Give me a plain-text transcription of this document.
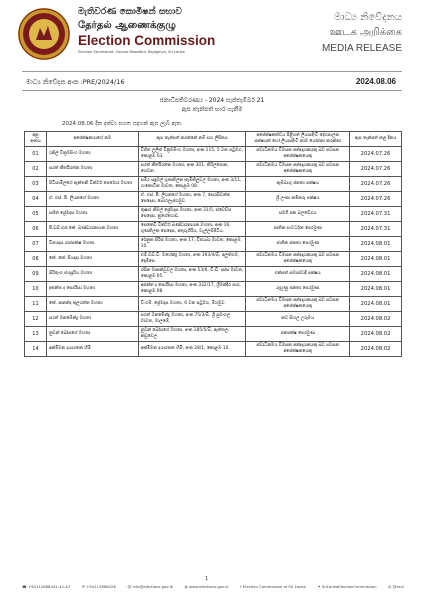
මැතිවරණ කොමිෂන් සභාව
தேர்தல் ஆணைக்குழு
Election Commission
Election Secretariat, Sarana Mawatha, Rajagiriya, Sri Lanka
මාධ්‍ය නිවේදනය
ஊடக அறிக்கை
MEDIA RELEASE
මාධ්‍ය නිවේදන අංක :PRE/2024/16	2024.08.06
ජනාධිපතිවරණය - 2024 සැප්තැම්බර් 21
ඇප තැන්පත් භාර ගැනීම
2024.08.06 දින දක්වා පහත සඳහන් ඇප ලැබී ඇත.
අනු අංකය	අපේක්ෂකයාගේ නම	ඇප තැන්පත් කරන්නේ නම් සහ ලිපිනය	අපේක්ෂකත්වය පිළිගත් ලියාපදිංචි දේශපාලන පක්ෂයක් හෝ ලියාපදිංචි නාම යෝජනා කරන්නා	ඇප තැන්පත් කළ දිනය
01	රනිල් වික්‍රමසිංහ මහතා	විජිත ලලිත් වික්‍රමසිංහ මහතා, අංක 115, 5 වන පටුමග, කොළඹ 03.	ස්වාධීනමය විමසන ඡන්දදායකයකු බව පවසන අපේක්ෂකයෙකු	2024.07.26
02	සරත් කීර්තිරත්න මහතා	සරත් කීර්තිරත්න මහතා, අංක 301, කිරිලපොන, ගෙවන.	ස්වාධීනමය විමසන ඡන්දදායකයකු බව පවසන අපේක්ෂකයෙකු	2024.07.26
03	පිටිසාමිලගේ ඇන්තනි වික්ටර් පෙරේරා මහතා	සමීර සඳුමල් ගුණතිලක කැමිකිලුවල මහතා, අංක 3/11, ගංකොටින මාවත, කොළඹ 08.	ඇම්බාරු ජනතා පක්ෂය	2024.07.26
04	ඒ. එස්. පී. ලියනගේ මහතා	ඒ. එස්. පී. ලියනගේ මහතා, අංක 7, සෙරසිවන්ත පෙදෙස, බොරලැස්ගමුව.	ශ්‍රී ලංකා කම්කරු පක්ෂය	2024.07.26
05	සජිත් ප්‍රේමදාස මහතා	තුෂාර නිමල් ප්‍රේමදාස මහතා, අංක 31/5, ස්වෙච්ඡ පෙදෙස, නුගේගොඩ.	සමගි ජන බලවේගය	2024.07.31
06	පී.ඩබ්.එස්.කේ. බණ්ඩාරනායක මහතා	සෙනෙවි වික්ටර් බණ්ඩාරනායක මහතා, අංක 16, ගුණතිලක පෙදෙස, අතුරුගිරිය, වැල්ලම්පිටිය.	ජාතික සංවර්ධන පෙරමුණ	2024.07.31
07	විජයදාස රාජපක්ෂ මහතා	රේනුක පිරිස් මහතා, අංක 17, විජයබා මාවත, කොළඹ 10.	ජාතික ජනතා පෙරමුණ	2024.08.01
08	කේ. කේ. පියදාස මහතා	එම්.ඩබ්.ඩී. මහේන්ද්‍ර මහතා, අංක 193/4/බී, අලුත්ගම, දොම්පෙ.	ස්වාධීනමය විමසන ඡන්දදායකයකු බව පවසන අපේක්ෂකයෙකු	2024.08.01
09	සිරිතුංග ජයසූරිය මහතා	රසික මාකන්ඩුවල මහතා, අංක 53/6, ඩී.ඩී. දස්ස මාවත, කොළඹ 05.	එක්සත් සමාජවාදී පක්ෂය	2024.08.01
10	අජන්ත ද සොයිසා මහතා	අජන්ත ද සොයිසා මහතා, අංක 332/17, ශ්‍රීමන්දිර පාර, කොළඹ 08.	රුහුණු ජනතා පෙරමුණ	2024.08.01
11	කේ. ආනන්ද කුලරත්න මහතා	වී.එම්. ප්‍රේමදාස මහතා, 6 වන පටුමග, මීගමුව.	ස්වාධීනමය විමසන ඡන්දදායකයකු බව පවසන අපේක්ෂකයෙකු	2024.08.01
12	සරත් මනමේන්ද්‍ර මහතා	සරත් මනමේන්ද්‍ර මහතා, අංක 75/3/බී, ශ්‍රී සුමංගල මාවත, මාලඹේ.	නව සිහල උරුමය	2024.08.02
13	නුවන් බෝපගේ මහතා	නුවන් බෝපගේ මහතා, අංක 185/5/බී, ඇත්තල, කඩුවෙල.	ජනපක්ෂ පෙරමුණ	2024.08.02
14	අක්මිමන දයාරතන හිමි	අක්මිමන දයාරතන හිමි, අංක 28/1, කොළඹ 10.	ස්වාධීනමය විමසන ඡන්දදායකයකු බව පවසන අපේක්ෂකයෙකු	2024.08.02
1
☎ +94112868441-42-43	✉ +94112868426	@ info@elections.gov.lk	◍ www.elections.gov.lk	f Election Commission of Sri Lanka	✦ SriLankaElectionCommission	◎ @ecsl
